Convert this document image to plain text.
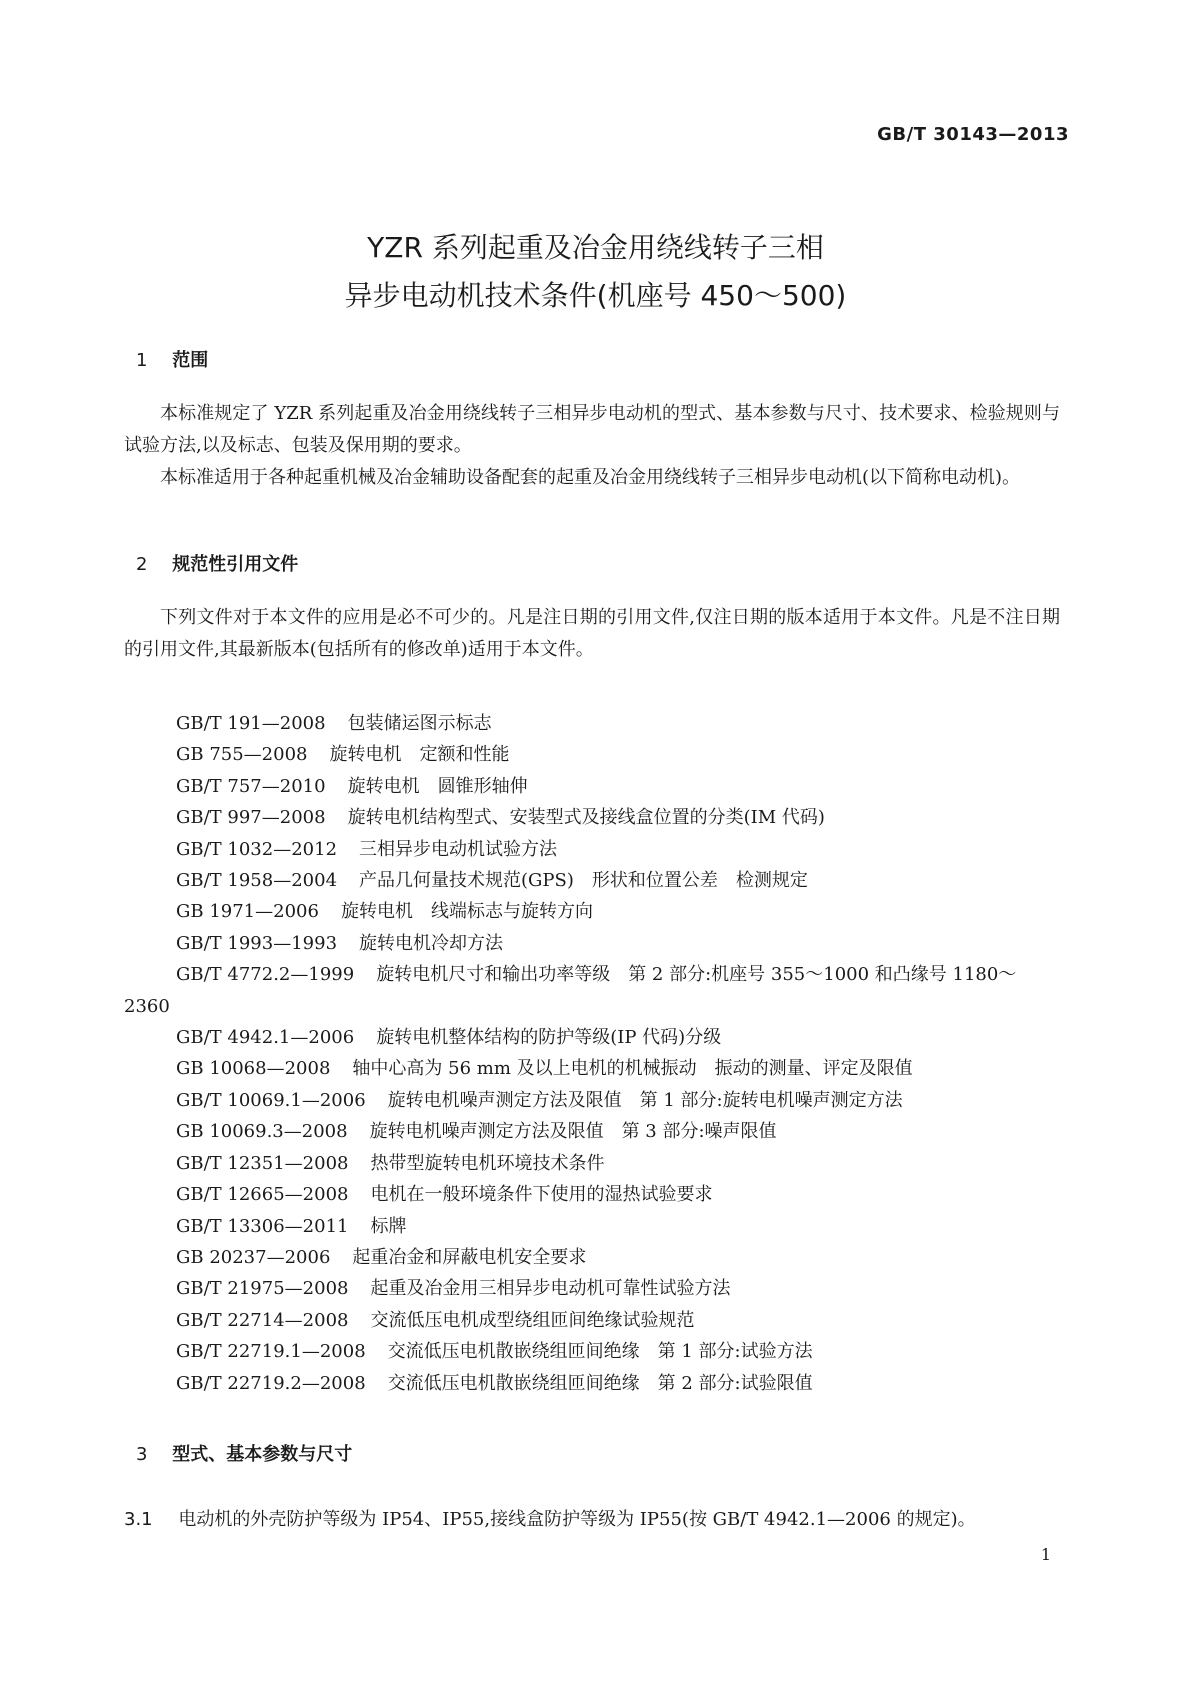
GB/T 30143—2013
YZR 系列起重及冶金用绕线转子三相
异步电动机技术条件(机座号 450～500)
1 范围

本标准规定了 YZR 系列起重及冶金用绕线转子三相异步电动机的型式、基本参数与尺寸、技术要求、检验规则与试验方法,以及标志、包装及保用期的要求。

本标准适用于各种起重机械及冶金辅助设备配套的起重及冶金用绕线转子三相异步电动机(以下简称电动机)。

2 规范性引用文件

下列文件对于本文件的应用是必不可少的。凡是注日期的引用文件,仅注日期的版本适用于本文件。凡是不注日期的引用文件,其最新版本(包括所有的修改单)适用于本文件。

GB/T 191—2008 包装储运图示标志
GB 755—2008 旋转电机　定额和性能
GB/T 757—2010 旋转电机　圆锥形轴伸
GB/T 997—2008 旋转电机结构型式、安装型式及接线盒位置的分类(IM 代码)
GB/T 1032—2012 三相异步电动机试验方法
GB/T 1958—2004 产品几何量技术规范(GPS)　形状和位置公差　检测规定
GB 1971—2006 旋转电机　线端标志与旋转方向
GB/T 1993—1993 旋转电机冷却方法
GB/T 4772.2—1999 旋转电机尺寸和输出功率等级　第 2 部分:机座号 355～1000 和凸缘号 1180～2360
GB/T 4942.1—2006 旋转电机整体结构的防护等级(IP 代码)分级
GB 10068—2008 轴中心高为 56 mm 及以上电机的机械振动　振动的测量、评定及限值
GB/T 10069.1—2006 旋转电机噪声测定方法及限值　第 1 部分:旋转电机噪声测定方法
GB 10069.3—2008 旋转电机噪声测定方法及限值　第 3 部分:噪声限值
GB/T 12351—2008 热带型旋转电机环境技术条件
GB/T 12665—2008 电机在一般环境条件下使用的湿热试验要求
GB/T 13306—2011 标牌
GB 20237—2006 起重冶金和屏蔽电机安全要求
GB/T 21975—2008 起重及冶金用三相异步电动机可靠性试验方法
GB/T 22714—2008 交流低压电机成型绕组匝间绝缘试验规范
GB/T 22719.1—2008 交流低压电机散嵌绕组匝间绝缘　第 1 部分:试验方法
GB/T 22719.2—2008 交流低压电机散嵌绕组匝间绝缘　第 2 部分:试验限值
3 型式、基本参数与尺寸
3.1 电动机的外壳防护等级为 IP54、IP55,接线盒防护等级为 IP55(按 GB/T 4942.1—2006 的规定)。
1
